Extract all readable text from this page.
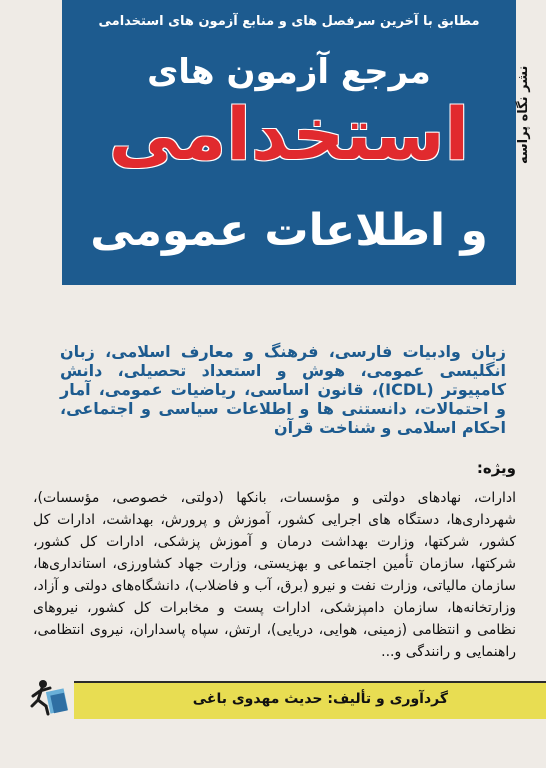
مطابق با آخرین سرفصل های و منابع آزمون های استخدامی
مرجع آزمون های
استخدامی
و اطلاعات عمومی
نشر نگاه پراسه
زبان وادبیات فارسی، فرهنگ و معارف اسلامی، زبان انگلیسی عمومی، هوش و استعداد تحصیلی، دانش کامپیوتر (ICDL)، قانون اساسی، ریاضیات عمومی، آمار و احتمالات، دانستنی ها و اطلاعات سیاسی و اجتماعی، احکام اسلامی و شناخت قرآن
ویژه:
ادارات، نهادهای دولتی و مؤسسات، بانکها (دولتی، خصوصی، مؤسسات)، شهرداری‌ها، دستگاه های اجرایی کشور، آموزش و پرورش، بهداشت، ادارات کل کشور، شرکتها، وزارت بهداشت درمان و آموزش پزشکی، ادارات کل کشور، شرکتها، سازمان تأمین اجتماعی و بهزیستی، وزارت جهاد کشاورزی، استانداری‌ها، سازمان مالیاتی، وزارت نفت و نیرو (برق، آب و فاضلاب)، دانشگاه‌های دولتی و آزاد، وزارتخانه‌ها، سازمان دامپزشکی، ادارات پست و مخابرات کل کشور، نیروهای نظامی و انتظامی (زمینی، هوایی، دریایی)، ارتش، سپاه پاسداران، نیروی انتظامی، راهنمایی و رانندگی و...
گردآوری و تألیف: حدیث مهدوی باغی
